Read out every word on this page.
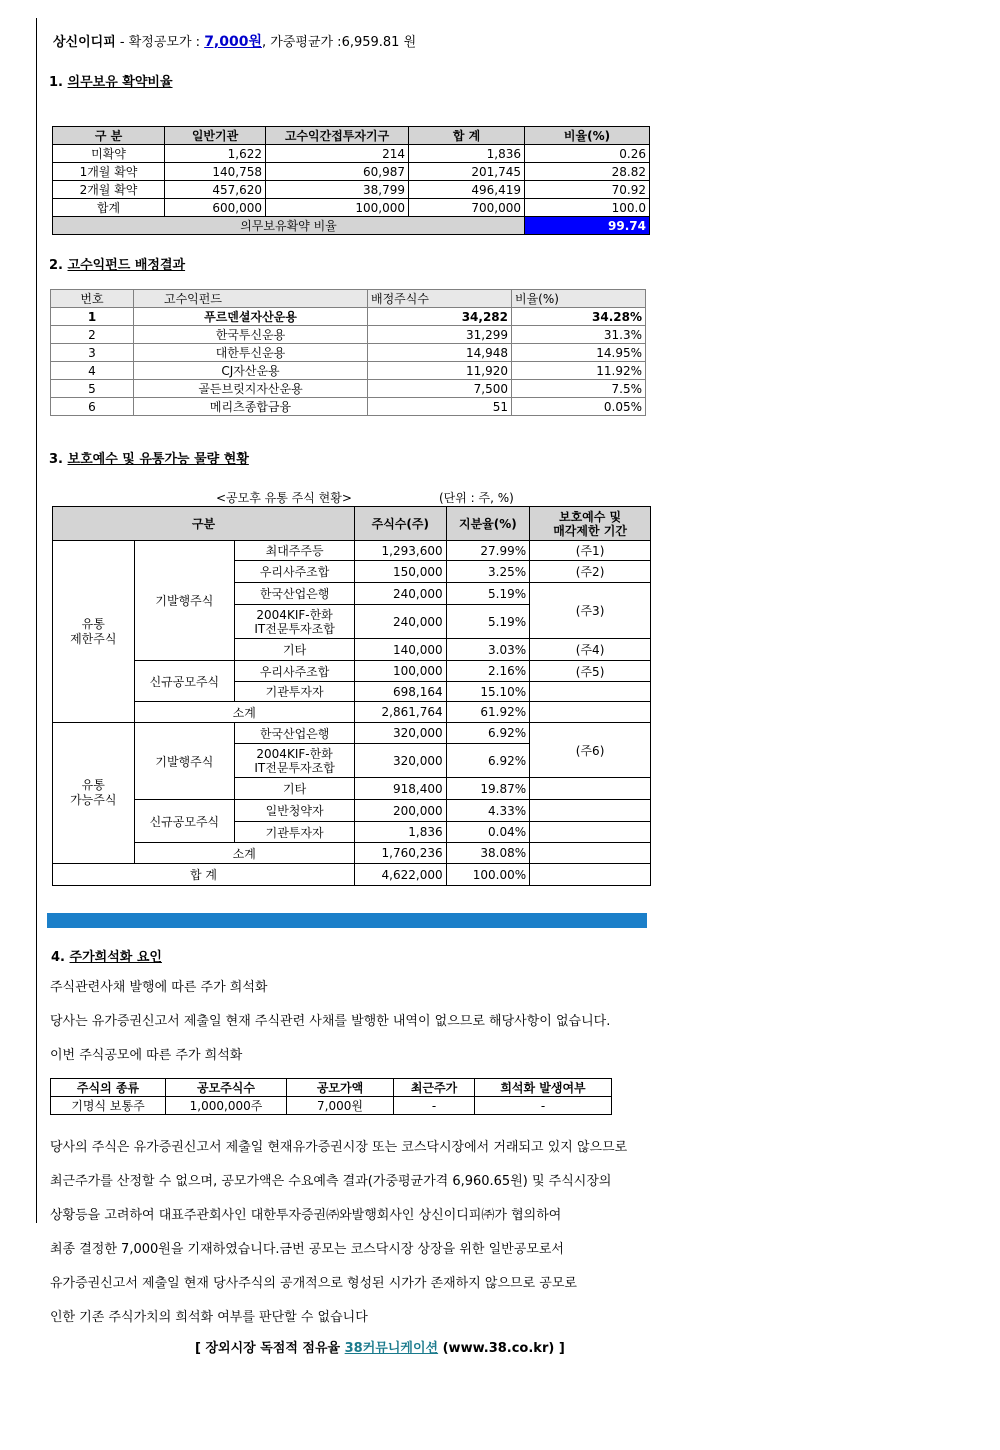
상신이디피 - 확정공모가 : 7,000원, 가중평균가 :6,959.81 원
1. 의무보유 확약비율
구 분	일반기관	고수익간접투자기구	합 계	비율(%)
미확약	1,622	214	1,836	0.26
1개월 확약	140,758	60,987	201,745	28.82
2개월 확약	457,620	38,799	496,419	70.92
합계	600,000	100,000	700,000	100.0
의무보유확약 비율				99.74
2. 고수익펀드 배정결과
번호	고수익펀드	배정주식수	비율(%)
1	푸르덴셜자산운용	34,282	34.28%
2	한국투신운용	31,299	31.3%
3	대한투신운용	14,948	14.95%
4	CJ자산운용	11,920	11.92%
5	골든브릿지자산운용	7,500	7.5%
6	메리츠종합금융	51	0.05%
3. 보호예수 및 유통가능 물량 현황
<공모후 유통 주식 현황>	(단위 : 주, %)
구분			주식수(주)	지분율(%)	보호예수 및
매각제한 기간
유통
제한주식	기발행주식	최대주주등	1,293,600	27.99%	(주1)
		우리사주조합	150,000	3.25%	(주2)
		한국산업은행	240,000	5.19%	(주3)
		2004KIF-한화
IT전문투자조합	240,000	5.19%	
		기타	140,000	3.03%	(주4)
	신규공모주식	우리사주조합	100,000	2.16%	(주5)
		기관투자자	698,164	15.10%	
	소계		2,861,764	61.92%	
유통
가능주식	기발행주식	한국산업은행	320,000	6.92%	(주6)
		2004KIF-한화
IT전문투자조합	320,000	6.92%	
		기타	918,400	19.87%	
	신규공모주식	일반청약자	200,000	4.33%	
		기관투자자	1,836	0.04%	
	소계		1,760,236	38.08%	
합 계			4,622,000	100.00%	
4. 주가희석화 요인
주식관련사채 발행에 따른 주가 희석화
당사는 유가증권신고서 제출일 현재 주식관련 사채를 발행한 내역이 없으므로 해당사항이 없습니다.
이번 주식공모에 따른 주가 희석화
주식의 종류	공모주식수	공모가액	최근주가	희석화 발생여부
기명식 보통주	1,000,000주	7,000원	-	-
당사의 주식은 유가증권신고서 제출일 현재유가증권시장 또는 코스닥시장에서 거래되고 있지 않으므로
최근주가를 산정할 수 없으며, 공모가액은 수요예측 결과(가중평균가격 6,960.65원) 및 주식시장의
상황등을 고려하여 대표주관회사인 대한투자증권㈜와발행회사인 상신이디피㈜가 협의하여
최종 결정한 7,000원을 기재하였습니다.금번 공모는 코스닥시장 상장을 위한 일반공모로서
유가증권신고서 제출일 현재 당사주식의 공개적으로 형성된 시가가 존재하지 않으므로 공모로
인한 기존 주식가치의 희석화 여부를 판단할 수 없습니다
[ 장외시장 독점적 점유율 38커뮤니케이션 (www.38.co.kr) ]
